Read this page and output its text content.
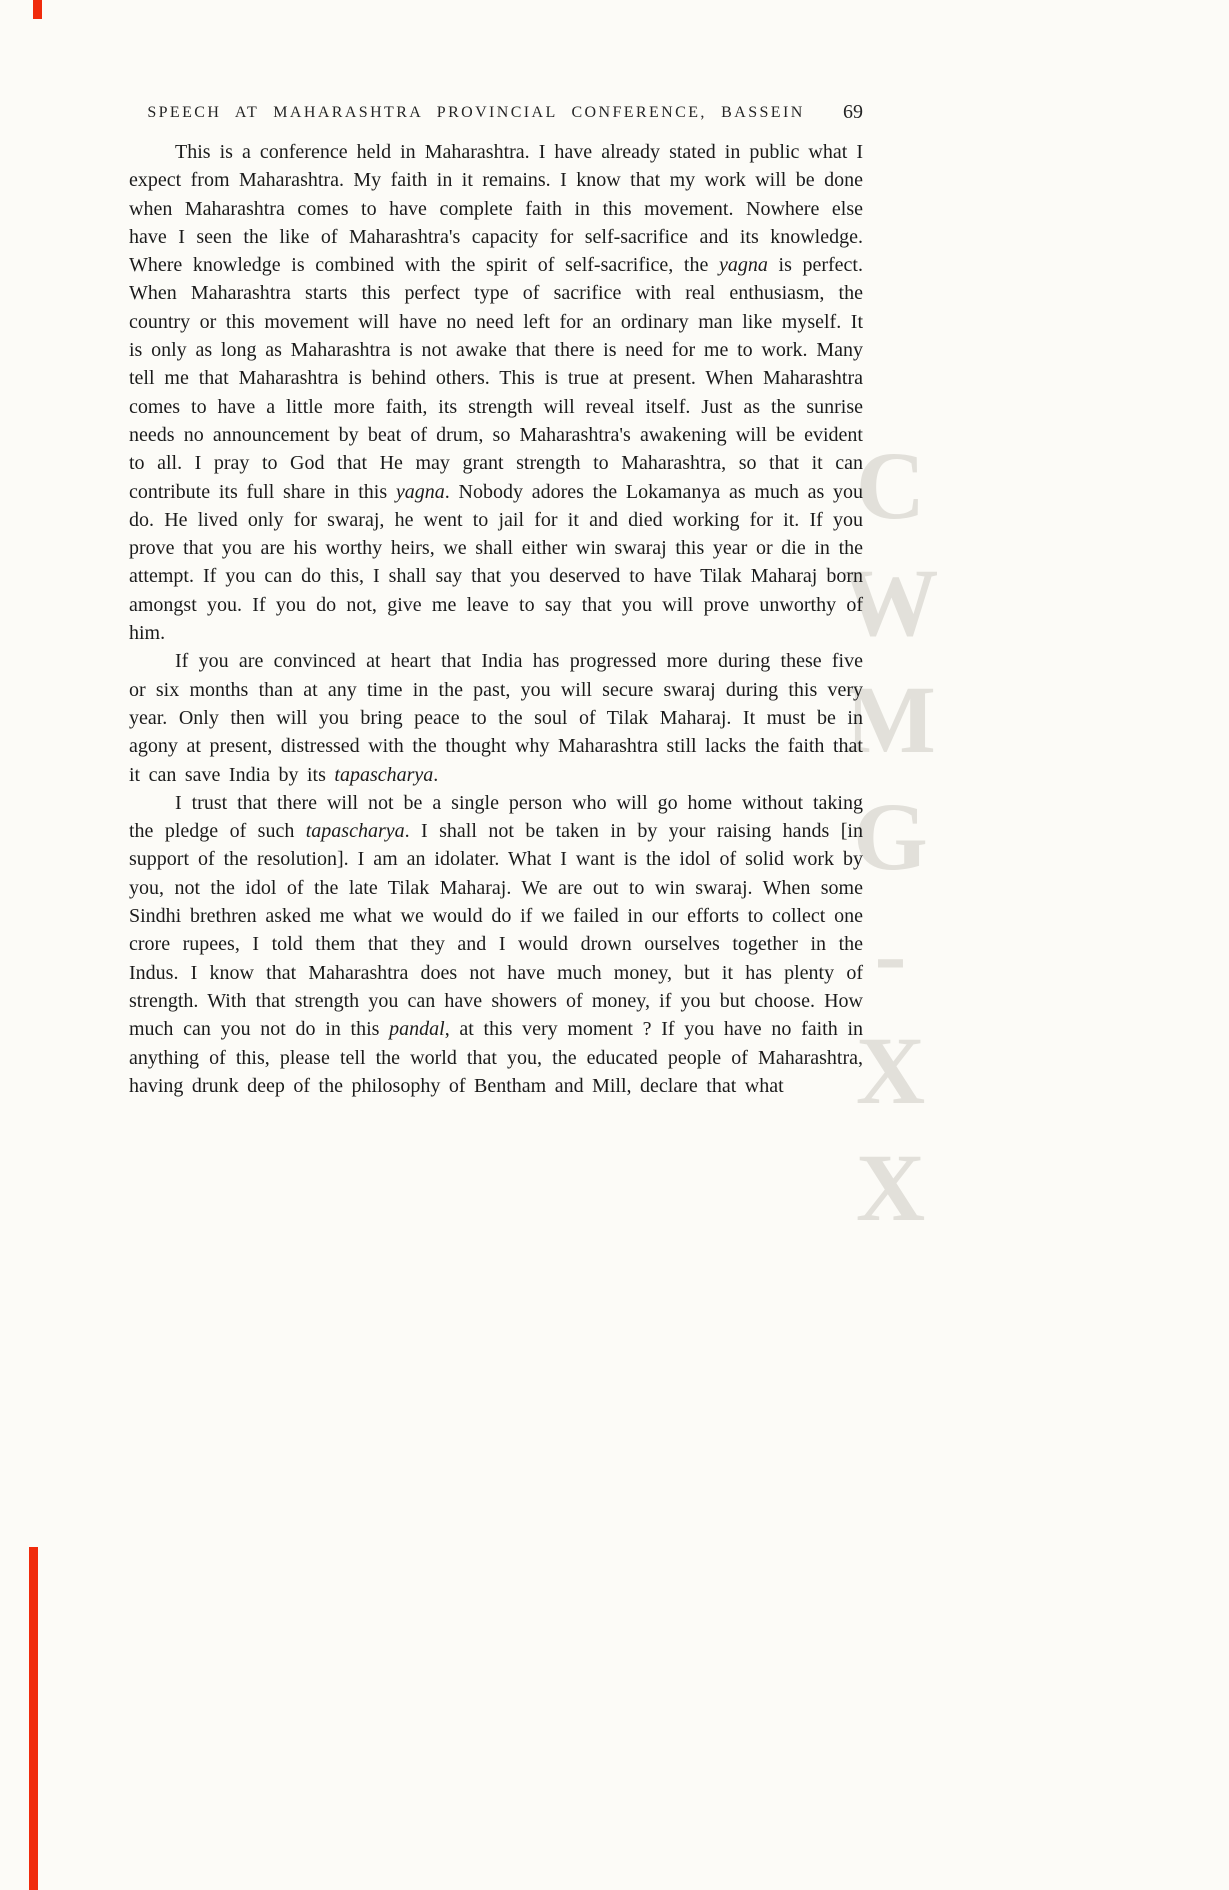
CWMG-XX
SPEECH AT MAHARASHTRA PROVINCIAL CONFERENCE, BASSEIN 69

This is a conference held in Maharashtra. I have already stated in public what I expect from Maharashtra. My faith in it remains. I know that my work will be done when Maharashtra comes to have complete faith in this movement. Nowhere else have I seen the like of Maharashtra's capacity for self-sacrifice and its knowledge. Where knowledge is combined with the spirit of self-sacrifice, the yagna is perfect. When Maharashtra starts this perfect type of sacrifice with real enthusiasm, the country or this movement will have no need left for an ordinary man like myself. It is only as long as Maharashtra is not awake that there is need for me to work. Many tell me that Maharashtra is behind others. This is true at present. When Maharashtra comes to have a little more faith, its strength will reveal itself. Just as the sunrise needs no announcement by beat of drum, so Maharashtra's awakening will be evident to all. I pray to God that He may grant strength to Maharashtra, so that it can contribute its full share in this yagna. Nobody adores the Lokamanya as much as you do. He lived only for swaraj, he went to jail for it and died working for it. If you prove that you are his worthy heirs, we shall either win swaraj this year or die in the attempt. If you can do this, I shall say that you deserved to have Tilak Maharaj born amongst you. If you do not, give me leave to say that you will prove unworthy of him.

If you are convinced at heart that India has progressed more during these five or six months than at any time in the past, you will secure swaraj during this very year. Only then will you bring peace to the soul of Tilak Maharaj. It must be in agony at present, distressed with the thought why Maharashtra still lacks the faith that it can save India by its tapascharya.

I trust that there will not be a single person who will go home without taking the pledge of such tapascharya. I shall not be taken in by your raising hands [in support of the resolution]. I am an idolater. What I want is the idol of solid work by you, not the idol of the late Tilak Maharaj. We are out to win swaraj. When some Sindhi brethren asked me what we would do if we failed in our efforts to collect one crore rupees, I told them that they and I would drown ourselves together in the Indus. I know that Maharashtra does not have much money, but it has plenty of strength. With that strength you can have showers of money, if you but choose. How much can you not do in this pandal, at this very moment ? If you have no faith in anything of this, please tell the world that you, the educated people of Maharashtra, having drunk deep of the philosophy of Bentham and Mill, declare that what
